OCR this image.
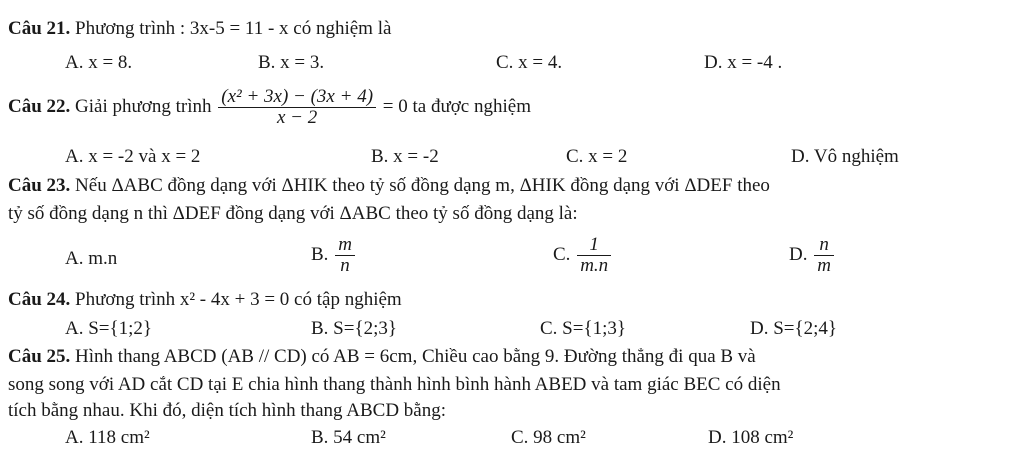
Câu 21. Phương trình : 3x-5 = 11 - x có nghiệm là
A. x = 8.	B. x = 3.	C. x = 4.	D. x = -4 .
Câu 22. Giải phương trình $\frac{\text{(x² + 3x) − (3x + 4)}}{x - 2} = 0$ ta được nghiệm
A. x = -2 và x = 2	B. x = -2	C. x = 2	D. Vô nghiệm
Câu 23. Nếu ΔABC đồng dạng với ΔHIK theo tỷ số đồng dạng m, ΔHIK đồng dạng với ΔDEF theo
tỷ số đồng dạng n thì ΔDEF đồng dạng với ΔABC theo tỷ số đồng dạng là:
A. m.n	B. $\frac{m}{n}$	C. $\frac{1}{m.n}$	D. $\frac{n}{m}$
Câu 24. Phương trình x² - 4x + 3 = 0 có tập nghiệm
A. S={1;2}	B. S={2;3}	C. S={1;3}	D. S={2;4}
Câu 25. Hình thang ABCD (AB // CD) có AB = 6cm, Chiều cao bằng 9. Đường thẳng đi qua B và
song song với AD cắt CD tại E chia hình thang thành hình bình hành ABED và tam giác BEC có diện
tích bằng nhau. Khi đó, diện tích hình thang ABCD bằng:
A. 118 cm²	B. 54 cm²	C. 98 cm²	D. 108 cm²
